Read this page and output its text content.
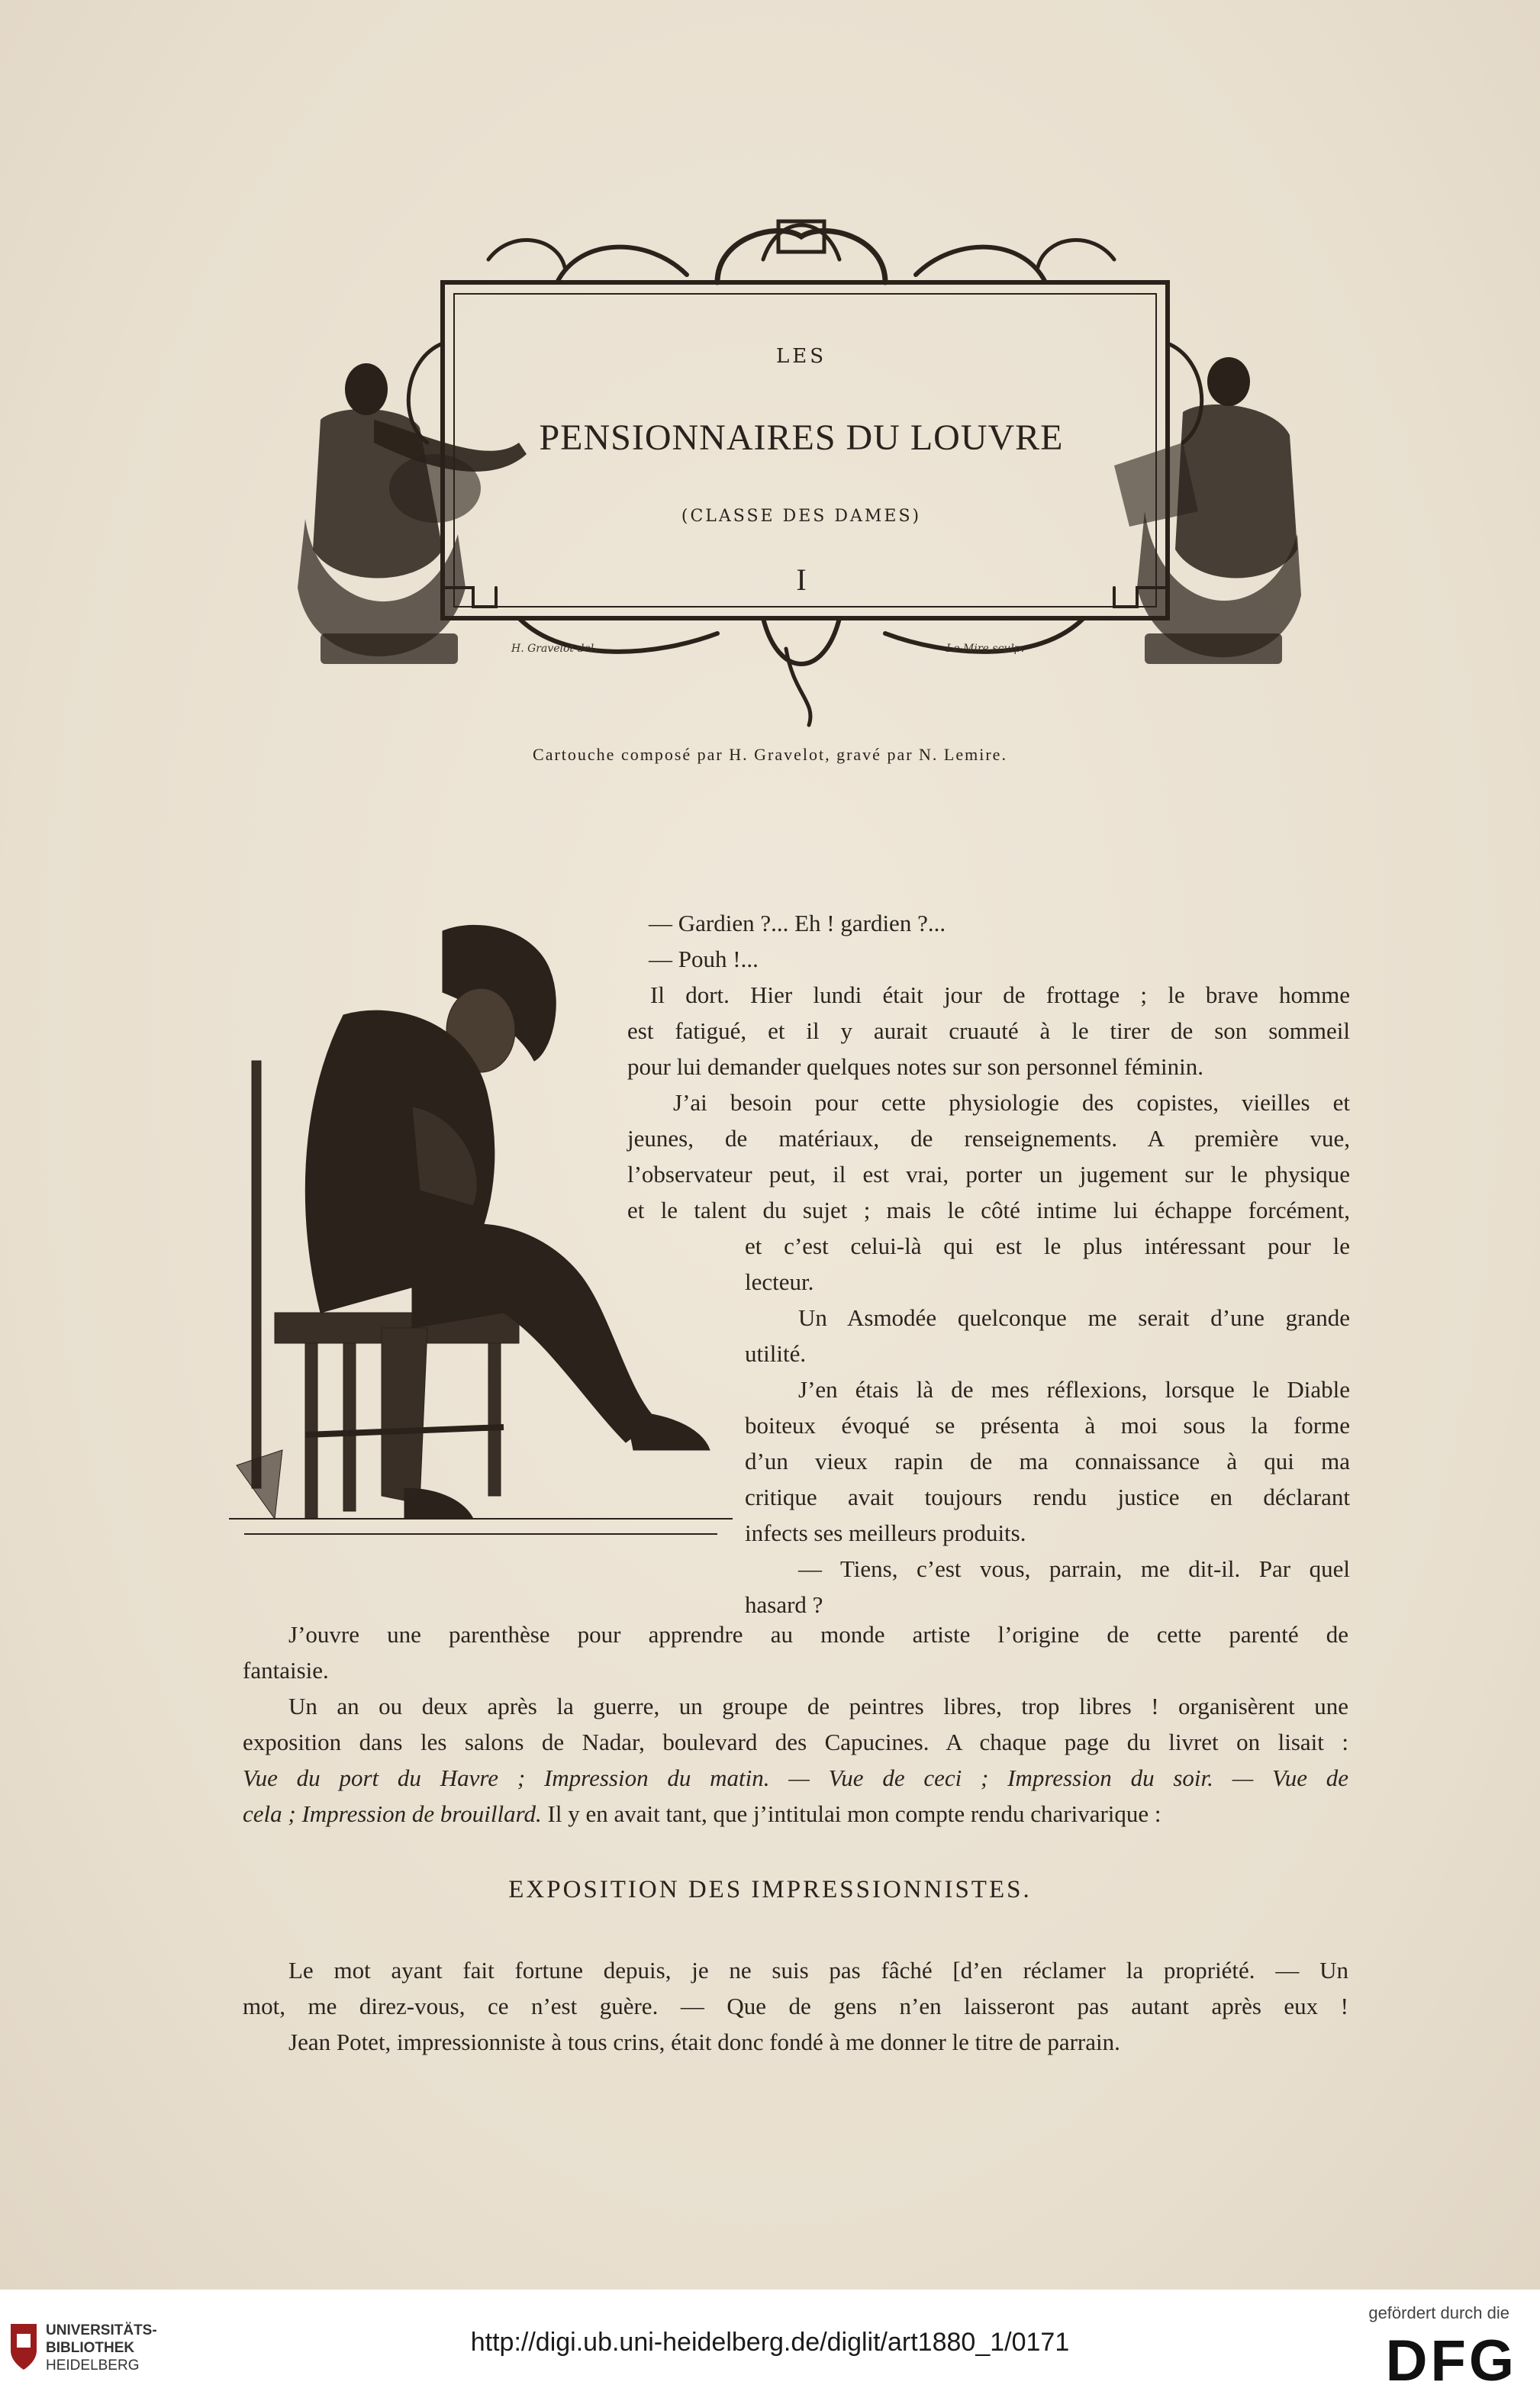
LES
PENSIONNAIRES DU LOUVRE
(CLASSE DES DAMES)
I
H. Gravelot del.	Le Mire sculp.
Cartouche composé par H. Gravelot, gravé par N. Lemire.
— Gardien ?... Eh ! gardien ?...
— Pouh !...
Il dort. Hier lundi était jour de frottage ; le brave homme
est fatigué, et il y aurait cruauté à le tirer de son sommeil
pour lui demander quelques notes sur son personnel féminin.
J’ai besoin pour cette physiologie des copistes, vieilles et
jeunes, de matériaux, de renseignements. A première vue,
l’observateur peut, il est vrai, porter un jugement sur le physique
et le talent du sujet ; mais le côté intime lui échappe forcément,
et c’est celui-là qui est le plus intéressant pour le
lecteur.
Un Asmodée quelconque me serait d’une grande
utilité.
J’en étais là de mes réflexions, lorsque le Diable
boiteux évoqué se présenta à moi sous la forme
d’un vieux rapin de ma connaissance à qui ma
critique avait toujours rendu justice en déclarant
infects ses meilleurs produits.
— Tiens, c’est vous, parrain, me dit-il. Par quel
hasard ?
J’ouvre une parenthèse pour apprendre au monde artiste l’origine de cette parenté de
fantaisie.
Un an ou deux après la guerre, un groupe de peintres libres, trop libres ! organisèrent une
exposition dans les salons de Nadar, boulevard des Capucines. A chaque page du livret on lisait :
Vue du port du Havre ; Impression du matin. — Vue de ceci ; Impression du soir. — Vue de
cela ; Impression de brouillard. Il y en avait tant, que j’intitulai mon compte rendu charivarique :
EXPOSITION DES IMPRESSIONNISTES.
Le mot ayant fait fortune depuis, je ne suis pas fâché [d’en réclamer la propriété. — Un
mot, me direz-vous, ce n’est guère. — Que de gens n’en laisseront pas autant après eux !
Jean Potet, impressionniste à tous crins, était donc fondé à me donner le titre de parrain.
UNIVERSITÄTS-
BIBLIOTHEK
HEIDELBERG
http://digi.ub.uni-heidelberg.de/diglit/art1880_1/0171
gefördert durch die
DFG
